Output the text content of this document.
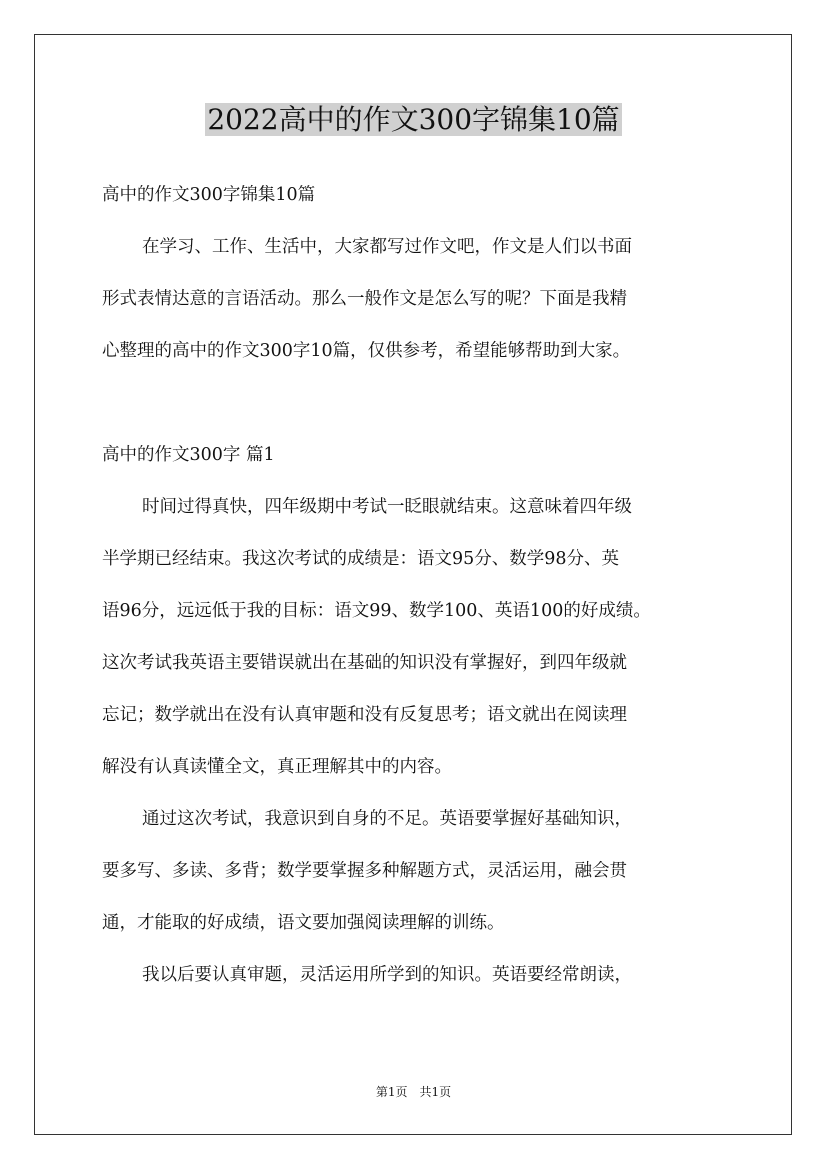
2022高中的作文300字锦集10篇
高中的作文300字锦集10篇
在学习、工作、生活中，大家都写过作文吧，作文是人们以书面
形式表情达意的言语活动。那么一般作文是怎么写的呢？下面是我精
心整理的高中的作文300字10篇，仅供参考，希望能够帮助到大家。
高中的作文300字 篇1
时间过得真快，四年级期中考试一眨眼就结束。这意味着四年级
半学期已经结束。我这次考试的成绩是：语文95分、数学98分、英
语96分，远远低于我的目标：语文99、数学100、英语100的好成绩。
这次考试我英语主要错误就出在基础的知识没有掌握好，到四年级就
忘记；数学就出在没有认真审题和没有反复思考；语文就出在阅读理
解没有认真读懂全文，真正理解其中的内容。
通过这次考试，我意识到自身的不足。英语要掌握好基础知识，
要多写、多读、多背；数学要掌握多种解题方式，灵活运用，融会贯
通，才能取的好成绩，语文要加强阅读理解的训练。
我以后要认真审题，灵活运用所学到的知识。英语要经常朗读，
第1页　共1页
